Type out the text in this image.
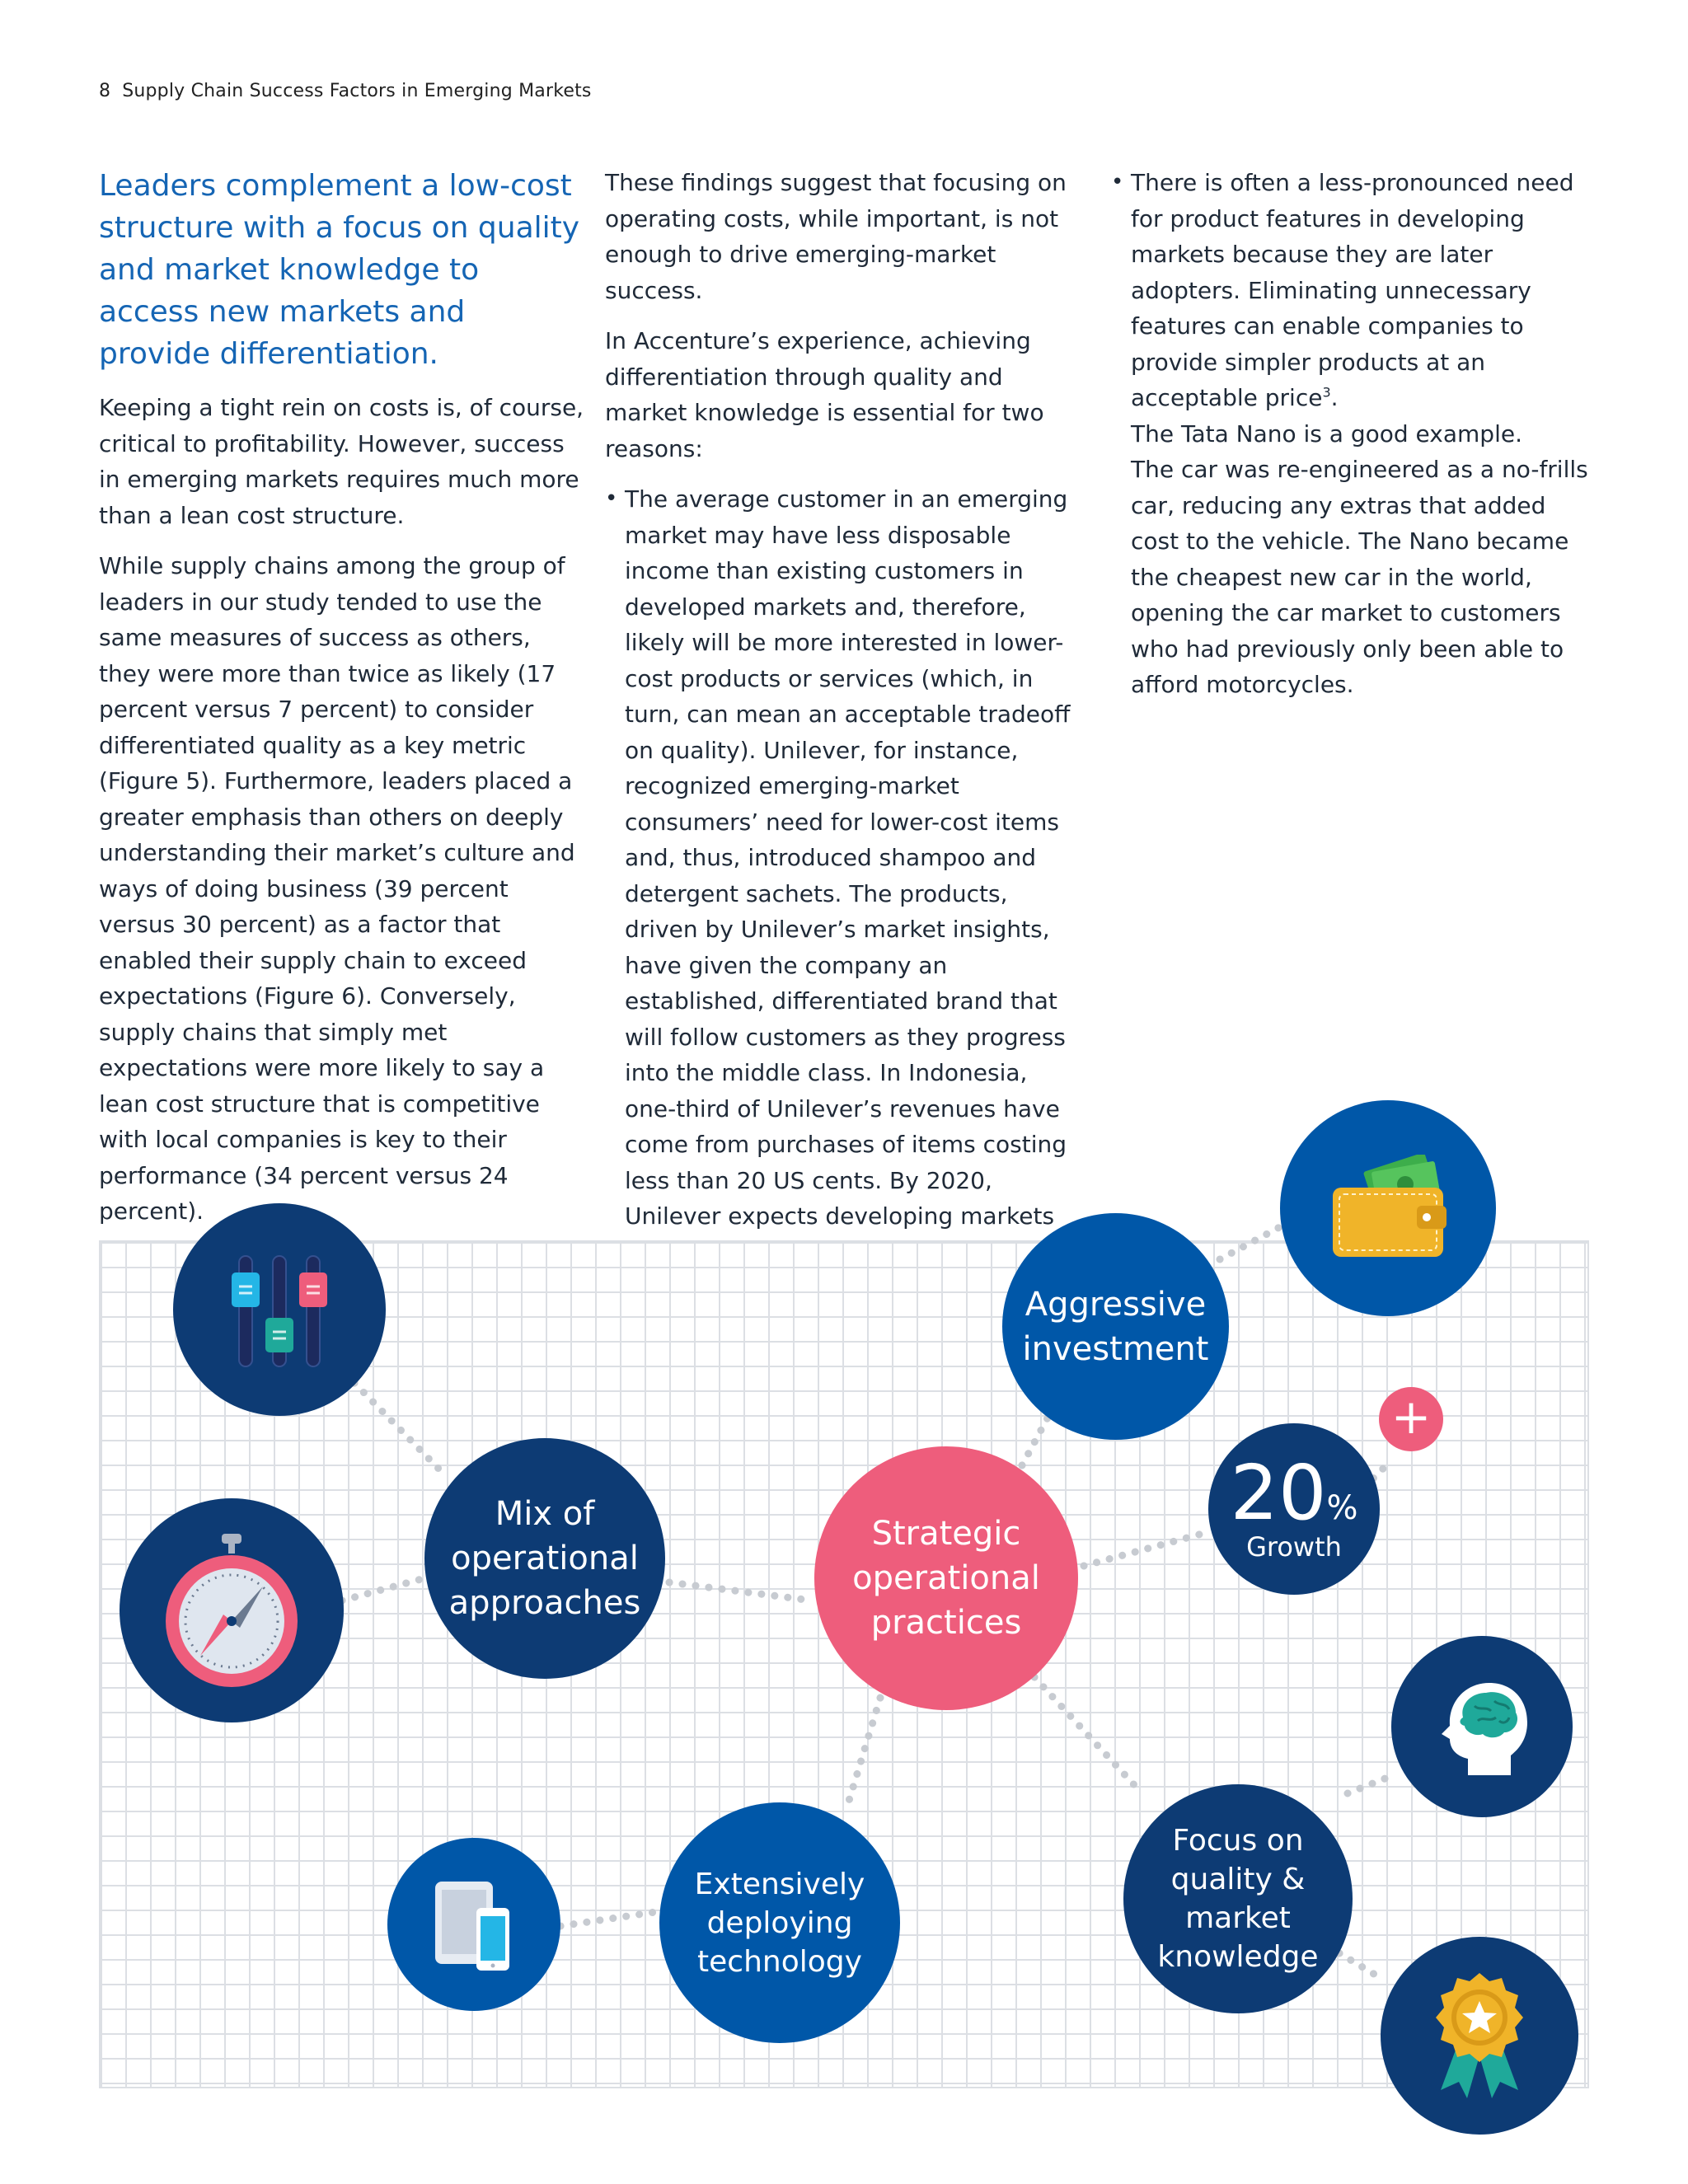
8 Supply Chain Success Factors in Emerging Markets
Leaders complement a low-cost structure with a focus on quality and market knowledge to access new markets and provide differentiation.

Keeping a tight rein on costs is, of course, critical to profitability. However, success in emerging markets requires much more than a lean cost structure.

While supply chains among the group of leaders in our study tended to use the same measures of success as others, they were more than twice as likely (17 percent versus 7 percent) to consider differentiated quality as a key metric (Figure 5). Furthermore, leaders placed a greater emphasis than others on deeply understanding their market’s culture and ways of doing business (39 percent versus 30 percent) as a factor that enabled their supply chain to exceed expectations (Figure 6). Conversely, supply chains that simply met expectations were more likely to say a lean cost structure that is competitive with local companies is key to their performance (34 percent versus 24 percent).

These findings suggest that focusing on operating costs, while important, is not enough to drive emerging-market success.

In Accenture’s experience, achieving differentiation through quality and market knowledge is essential for two reasons:

• The average customer in an emerging market may have less disposable income than existing customers in developed markets and, therefore, likely will be more interested in lower-cost products or services (which, in turn, can mean an acceptable tradeoff on quality). Unilever, for instance, recognized emerging-market consumers’ need for lower-cost items and, thus, introduced shampoo and detergent sachets. The products, driven by Unilever’s market insights, have given the company an established, differentiated brand that will follow customers as they progress into the middle class. In Indonesia, one-third of Unilever’s revenues have come from purchases of items costing less than 20 US cents. By 2020, Unilever expects developing markets
• There is often a less-pronounced need for product features in developing markets because they are later adopters. Eliminating unnecessary features can enable companies to provide simpler products at an acceptable price$^3$.
The Tata Nano is a good example.
The car was re-engineered as a no-frills car, reducing any extras that added cost to the vehicle. The Nano became the cheapest new car in the world, opening the car market to customers who had previously only been able to afford motorcycles.
Strategic
operational
practices
Mix of
operational
approaches
Aggressive
investment
20%
Growth
+
Focus on
quality & market
knowledge
Extensively
deploying
technology
